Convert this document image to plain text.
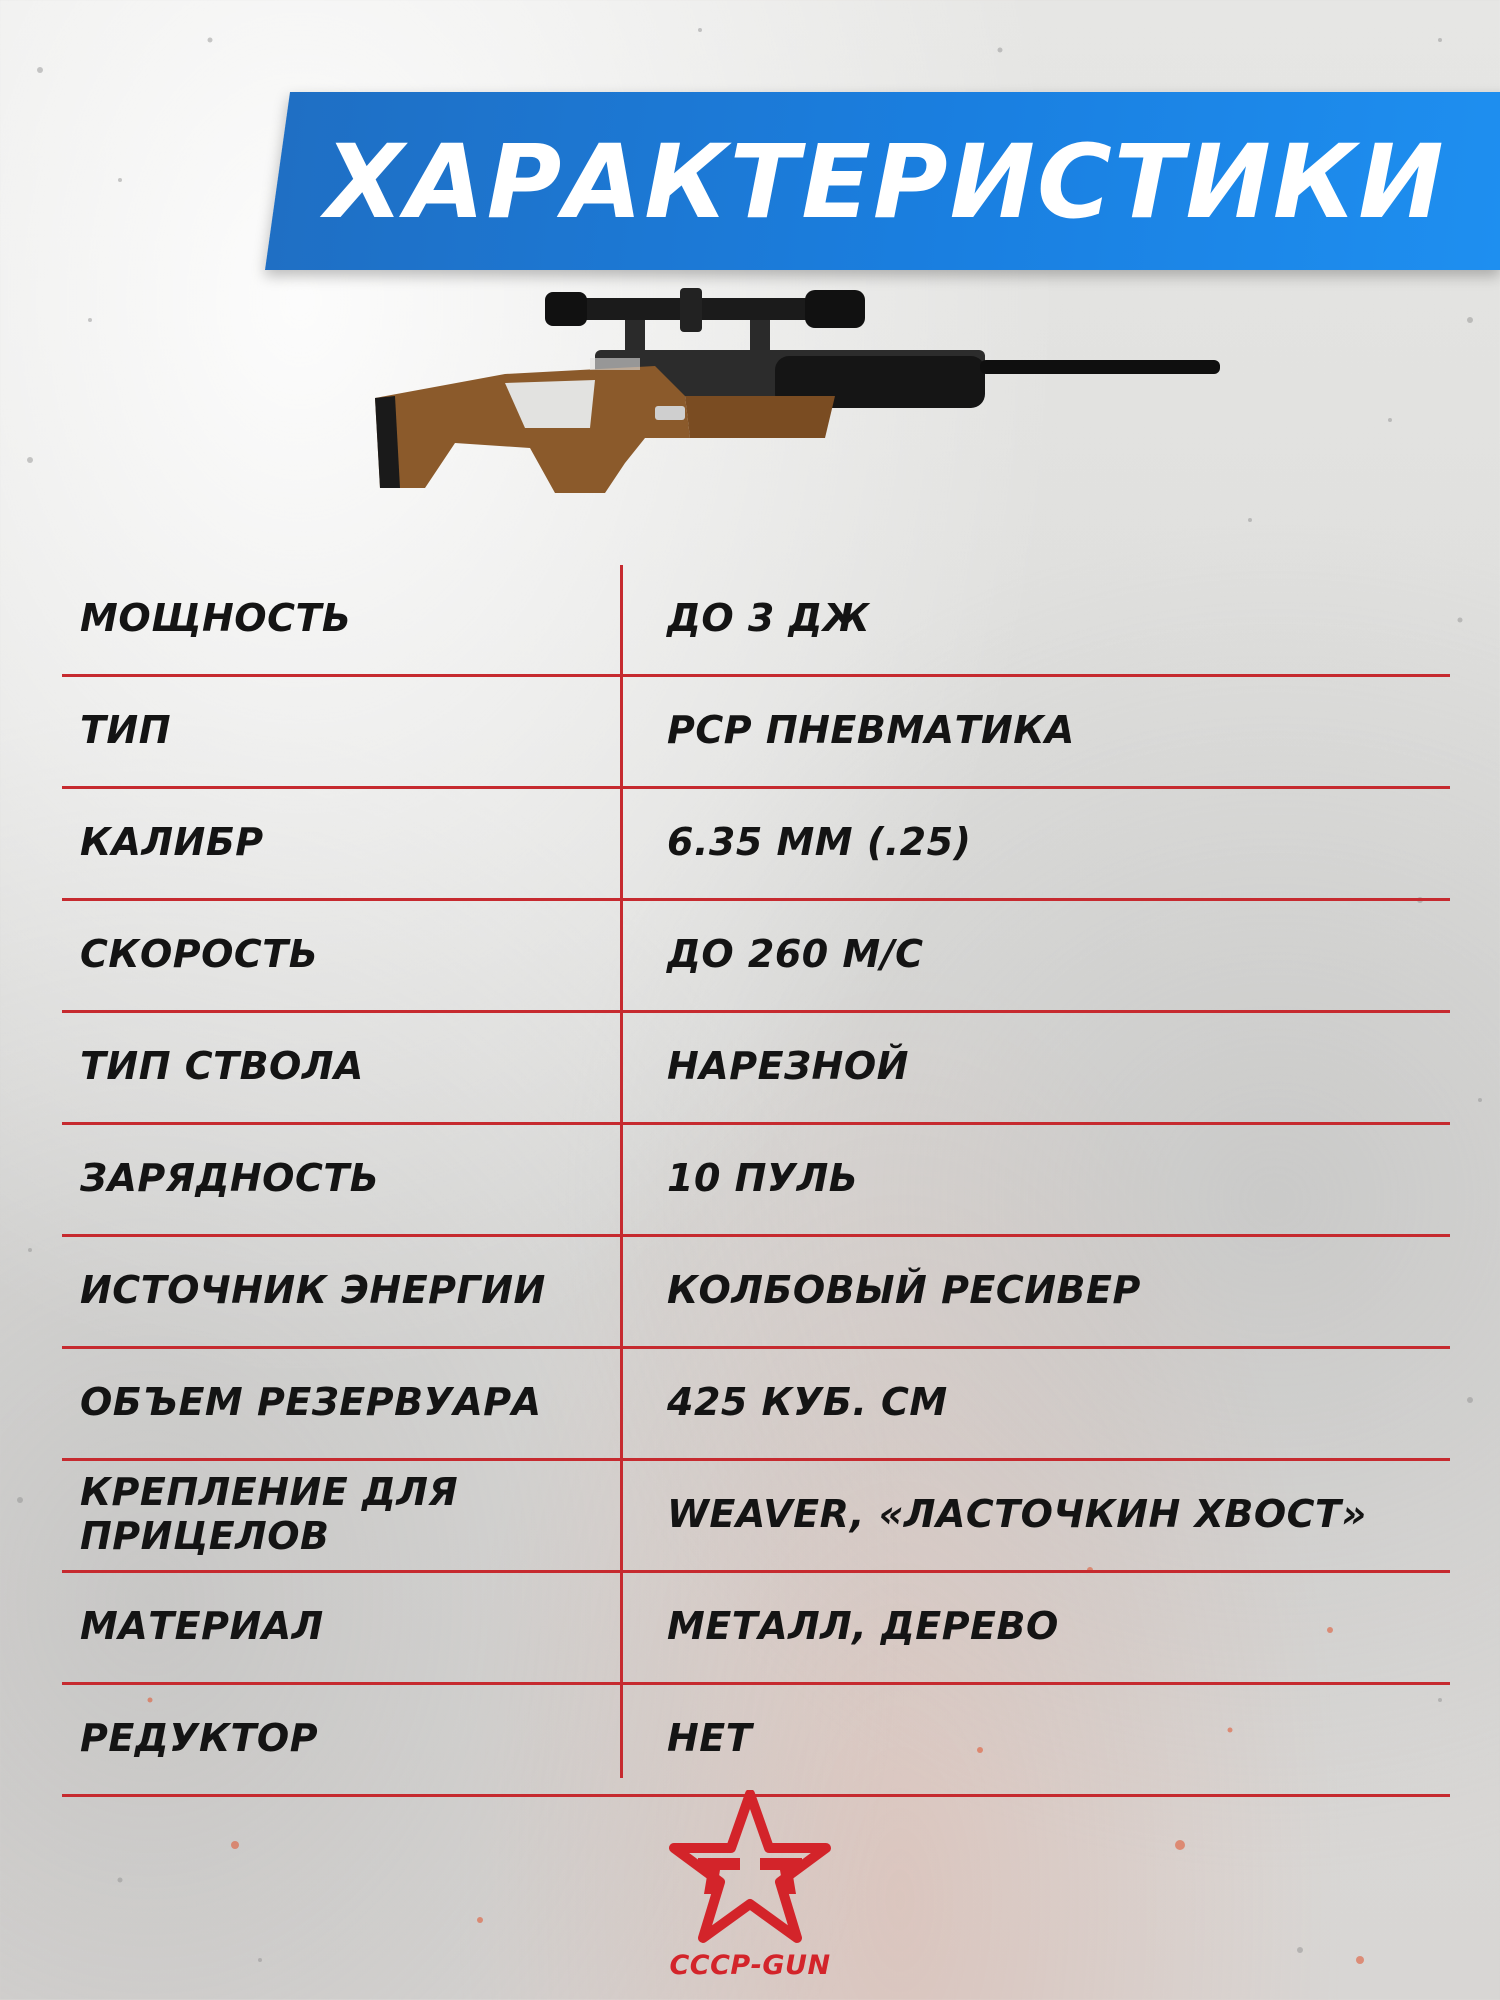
ХАРАКТЕРИСТИКИ
МОЩНОСТЬ	ДО 3 ДЖ
ТИП	PCP ПНЕВМАТИКА
КАЛИБР	6.35 ММ (.25)
СКОРОСТЬ	ДО 260 М/С
ТИП СТВОЛА	НАРЕЗНОЙ
ЗАРЯДНОСТЬ	10 ПУЛЬ
ИСТОЧНИК ЭНЕРГИИ	КОЛБОВЫЙ РЕСИВЕР
ОБЪЕМ РЕЗЕРВУАРА	425 КУБ. СМ
КРЕПЛЕНИЕ ДЛЯ ПРИЦЕЛОВ	WEAVER, «ЛАСТОЧКИН ХВОСТ»
МАТЕРИАЛ	МЕТАЛЛ, ДЕРЕВО
РЕДУКТОР	НЕТ
СССР-GUN
